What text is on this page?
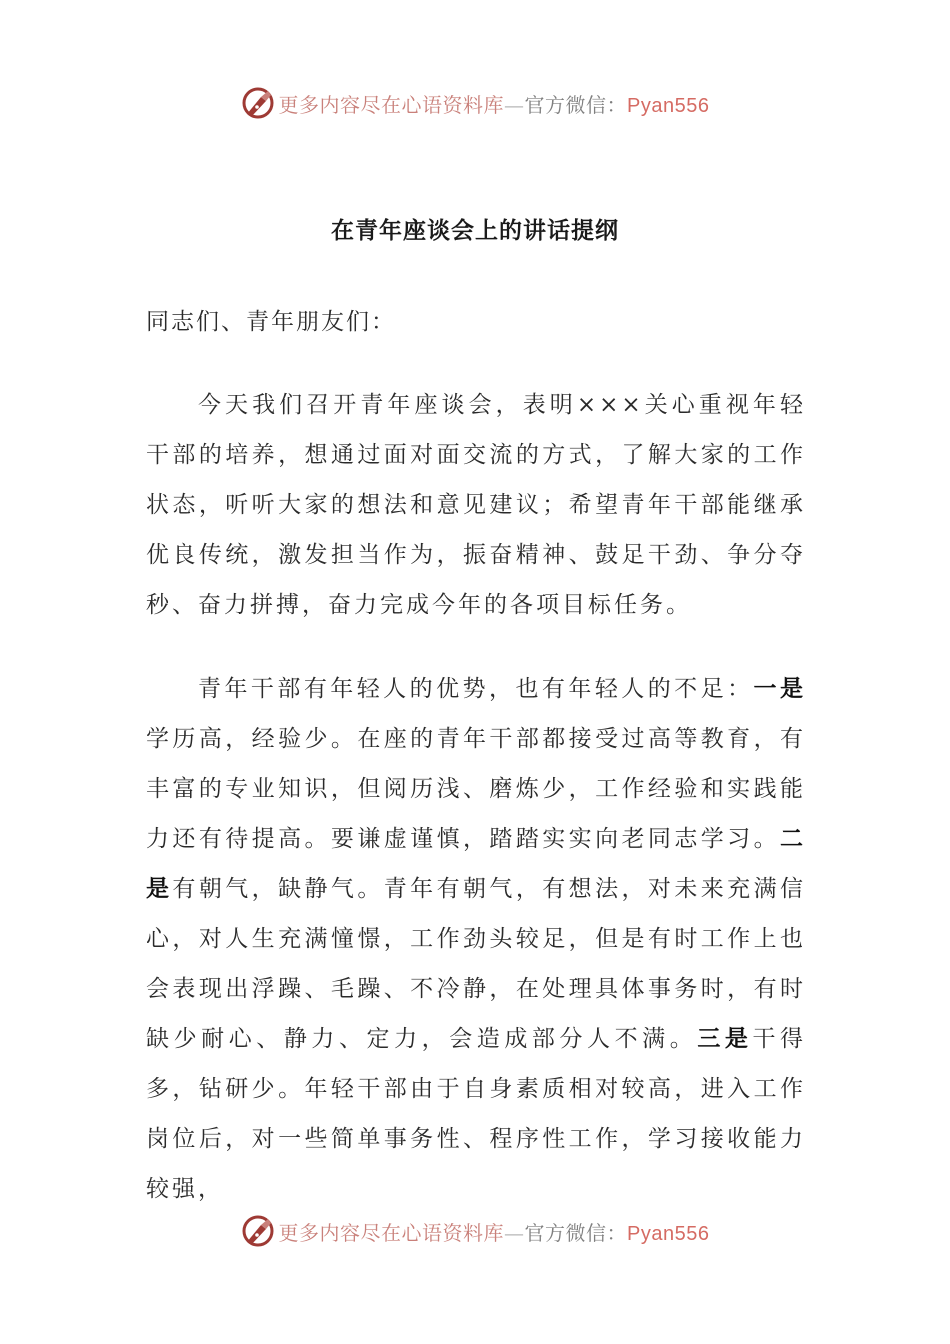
更多内容尽在心语资料库—官方微信：Pyan556
在青年座谈会上的讲话提纲
同志们、青年朋友们：

今天我们召开青年座谈会，表明×××关心重视年轻干部的培养，想通过面对面交流的方式，了解大家的工作状态，听听大家的想法和意见建议；希望青年干部能继承优良传统，激发担当作为，振奋精神、鼓足干劲、争分夺秒、奋力拼搏，奋力完成今年的各项目标任务。

青年干部有年轻人的优势，也有年轻人的不足：一是学历高，经验少。在座的青年干部都接受过高等教育，有丰富的专业知识，但阅历浅、磨炼少，工作经验和实践能力还有待提高。要谦虚谨慎，踏踏实实向老同志学习。二是有朝气，缺静气。青年有朝气，有想法，对未来充满信心，对人生充满憧憬，工作劲头较足，但是有时工作上也会表现出浮躁、毛躁、不冷静，在处理具体事务时，有时缺少耐心、静力、定力，会造成部分人不满。三是干得多，钻研少。年轻干部由于自身素质相对较高，进入工作岗位后，对一些简单事务性、程序性工作，学习接收能力较强，

更多内容尽在心语资料库—官方微信：Pyan556
